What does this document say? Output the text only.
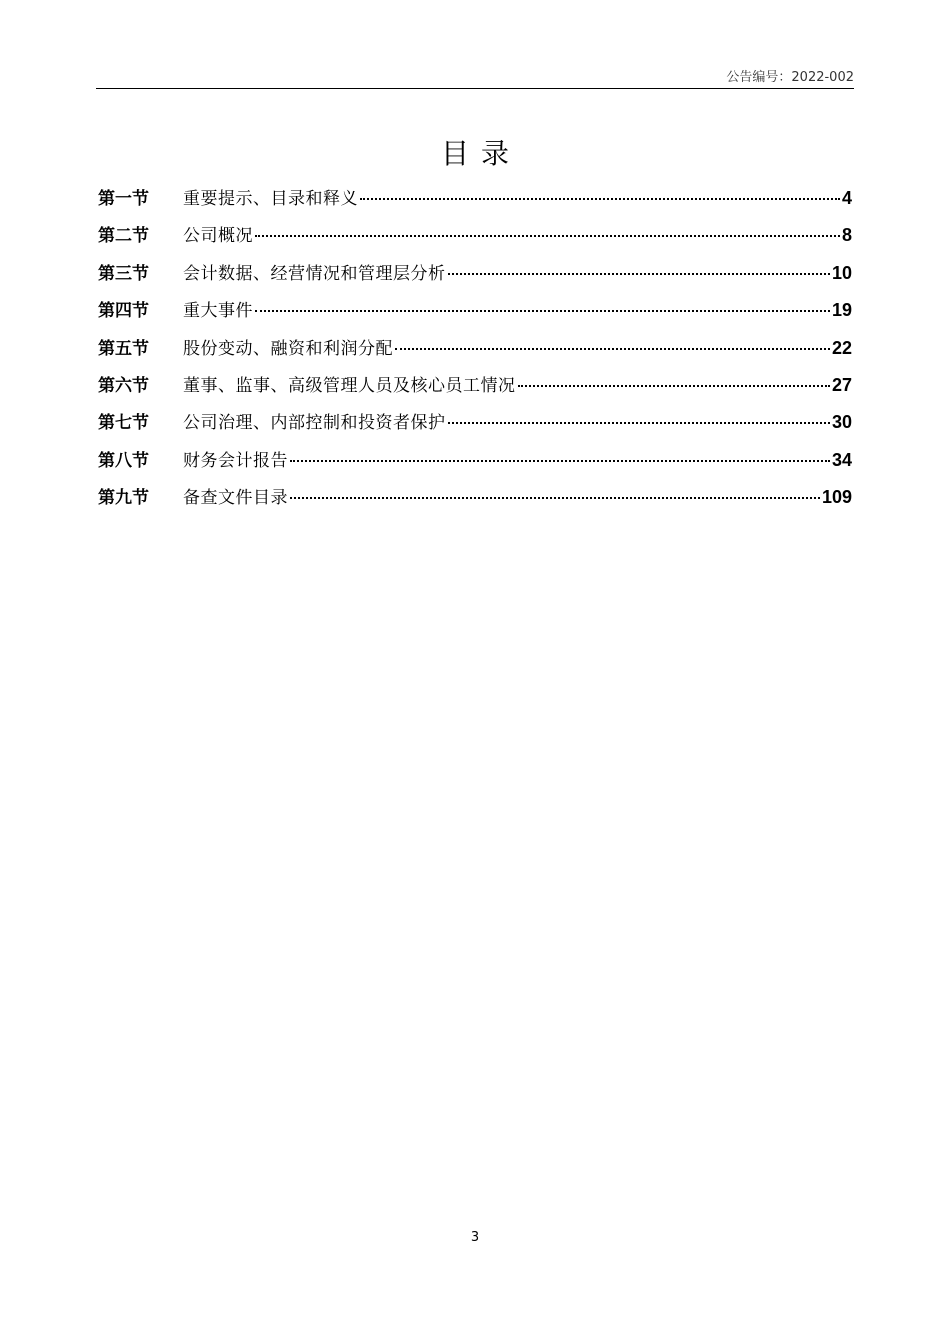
公告编号：2022-002
目录
第一节	重要提示、目录和释义	4
第二节	公司概况	8
第三节	会计数据、经营情况和管理层分析	10
第四节	重大事件	19
第五节	股份变动、融资和利润分配	22
第六节	董事、监事、高级管理人员及核心员工情况	27
第七节	公司治理、内部控制和投资者保护	30
第八节	财务会计报告	34
第九节	备查文件目录	109
3
